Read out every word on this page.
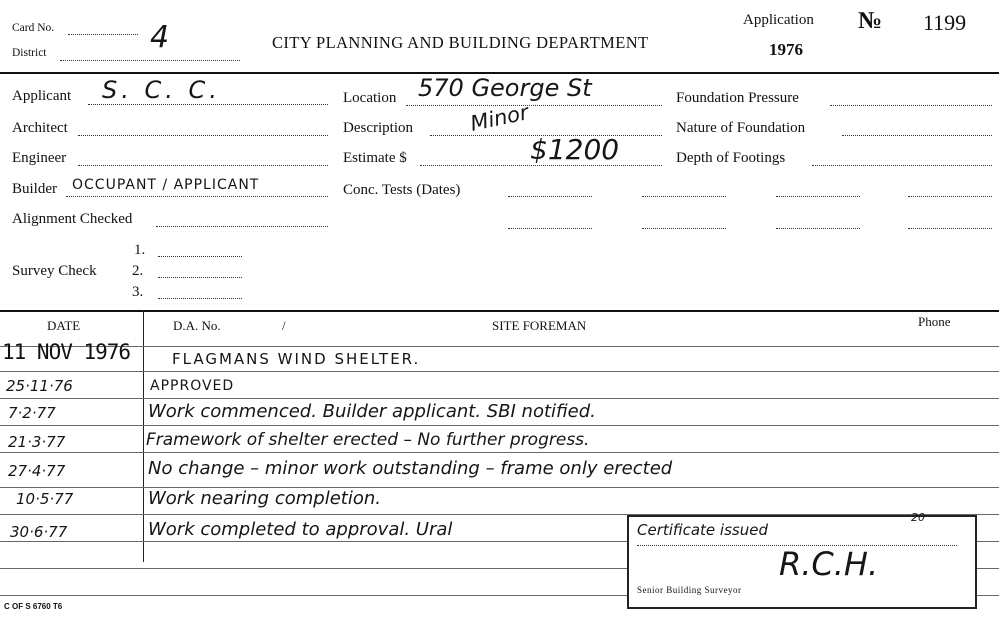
Card No.
District	4	CITY PLANNING AND BUILDING DEPARTMENT
Application
1976
№ 1199
Applicant S. C. C.
Architect
Engineer
Builder OCCUPANT / APPLICANT
Alignment Checked
Survey Check
1.
2.
3.
Location 570 George St
Description	Minor
Estimate $	$1200
Conc. Tests (Dates)
Foundation Pressure
Nature of Foundation
Depth of Footings
DATE	D.A. No.	/	SITE FOREMAN	Phone
11 NOV 1976	FLAGMANS WIND SHELTER.
25·11·76	APPROVED
7·2·77	Work commenced. Builder applicant. SBI notified.
21·3·77	Framework of shelter erected – No further progress.
27·4·77	No change – minor work outstanding – frame only erected
10·5·77	Work nearing completion.
30·6·77	Work completed to approval. Ural	Certificate issued
20
R.C.H.
Senior Building Surveyor
C OF S 6760 T6
